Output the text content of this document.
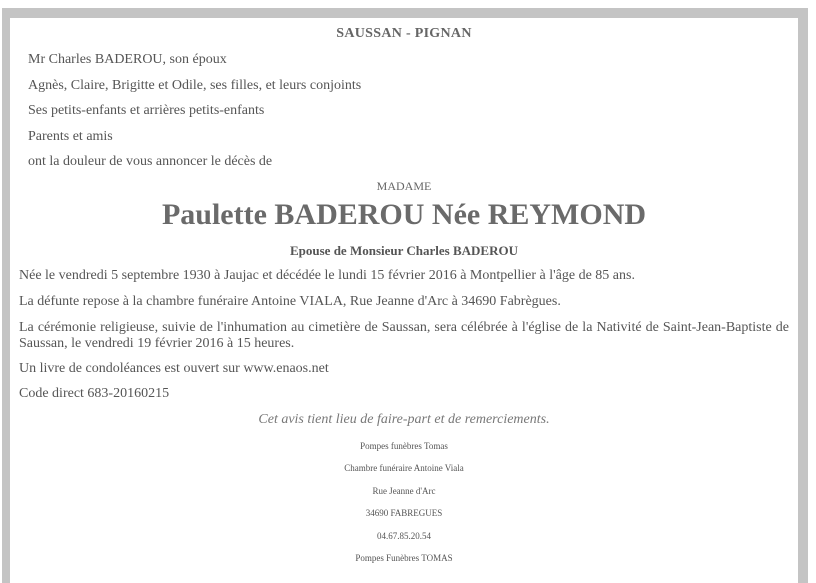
SAUSSAN - PIGNAN
Mr Charles BADEROU, son époux
Agnès, Claire, Brigitte et Odile, ses filles, et leurs conjoints
Ses petits-enfants et arrières petits-enfants
Parents et amis
ont la douleur de vous annoncer le décès de
MADAME
Paulette BADEROU Née REYMOND
Epouse de Monsieur Charles BADEROU
Née le vendredi 5 septembre 1930 à Jaujac et décédée le lundi 15 février 2016 à Montpellier à l'âge de 85 ans.
La défunte repose à la chambre funéraire Antoine VIALA, Rue Jeanne d'Arc à 34690 Fabrègues.
La cérémonie religieuse, suivie de l'inhumation au cimetière de Saussan, sera célébrée à l'église de la Nativité de Saint-Jean-Baptiste de Saussan, le vendredi 19 février 2016 à 15 heures.
Un livre de condoléances est ouvert sur www.enaos.net
Code direct 683-20160215
Cet avis tient lieu de faire-part et de remerciements.
Pompes funèbres Tomas
Chambre funéraire Antoine Viala
Rue Jeanne d'Arc
34690 FABREGUES
04.67.85.20.54
Pompes Funèbres TOMAS
